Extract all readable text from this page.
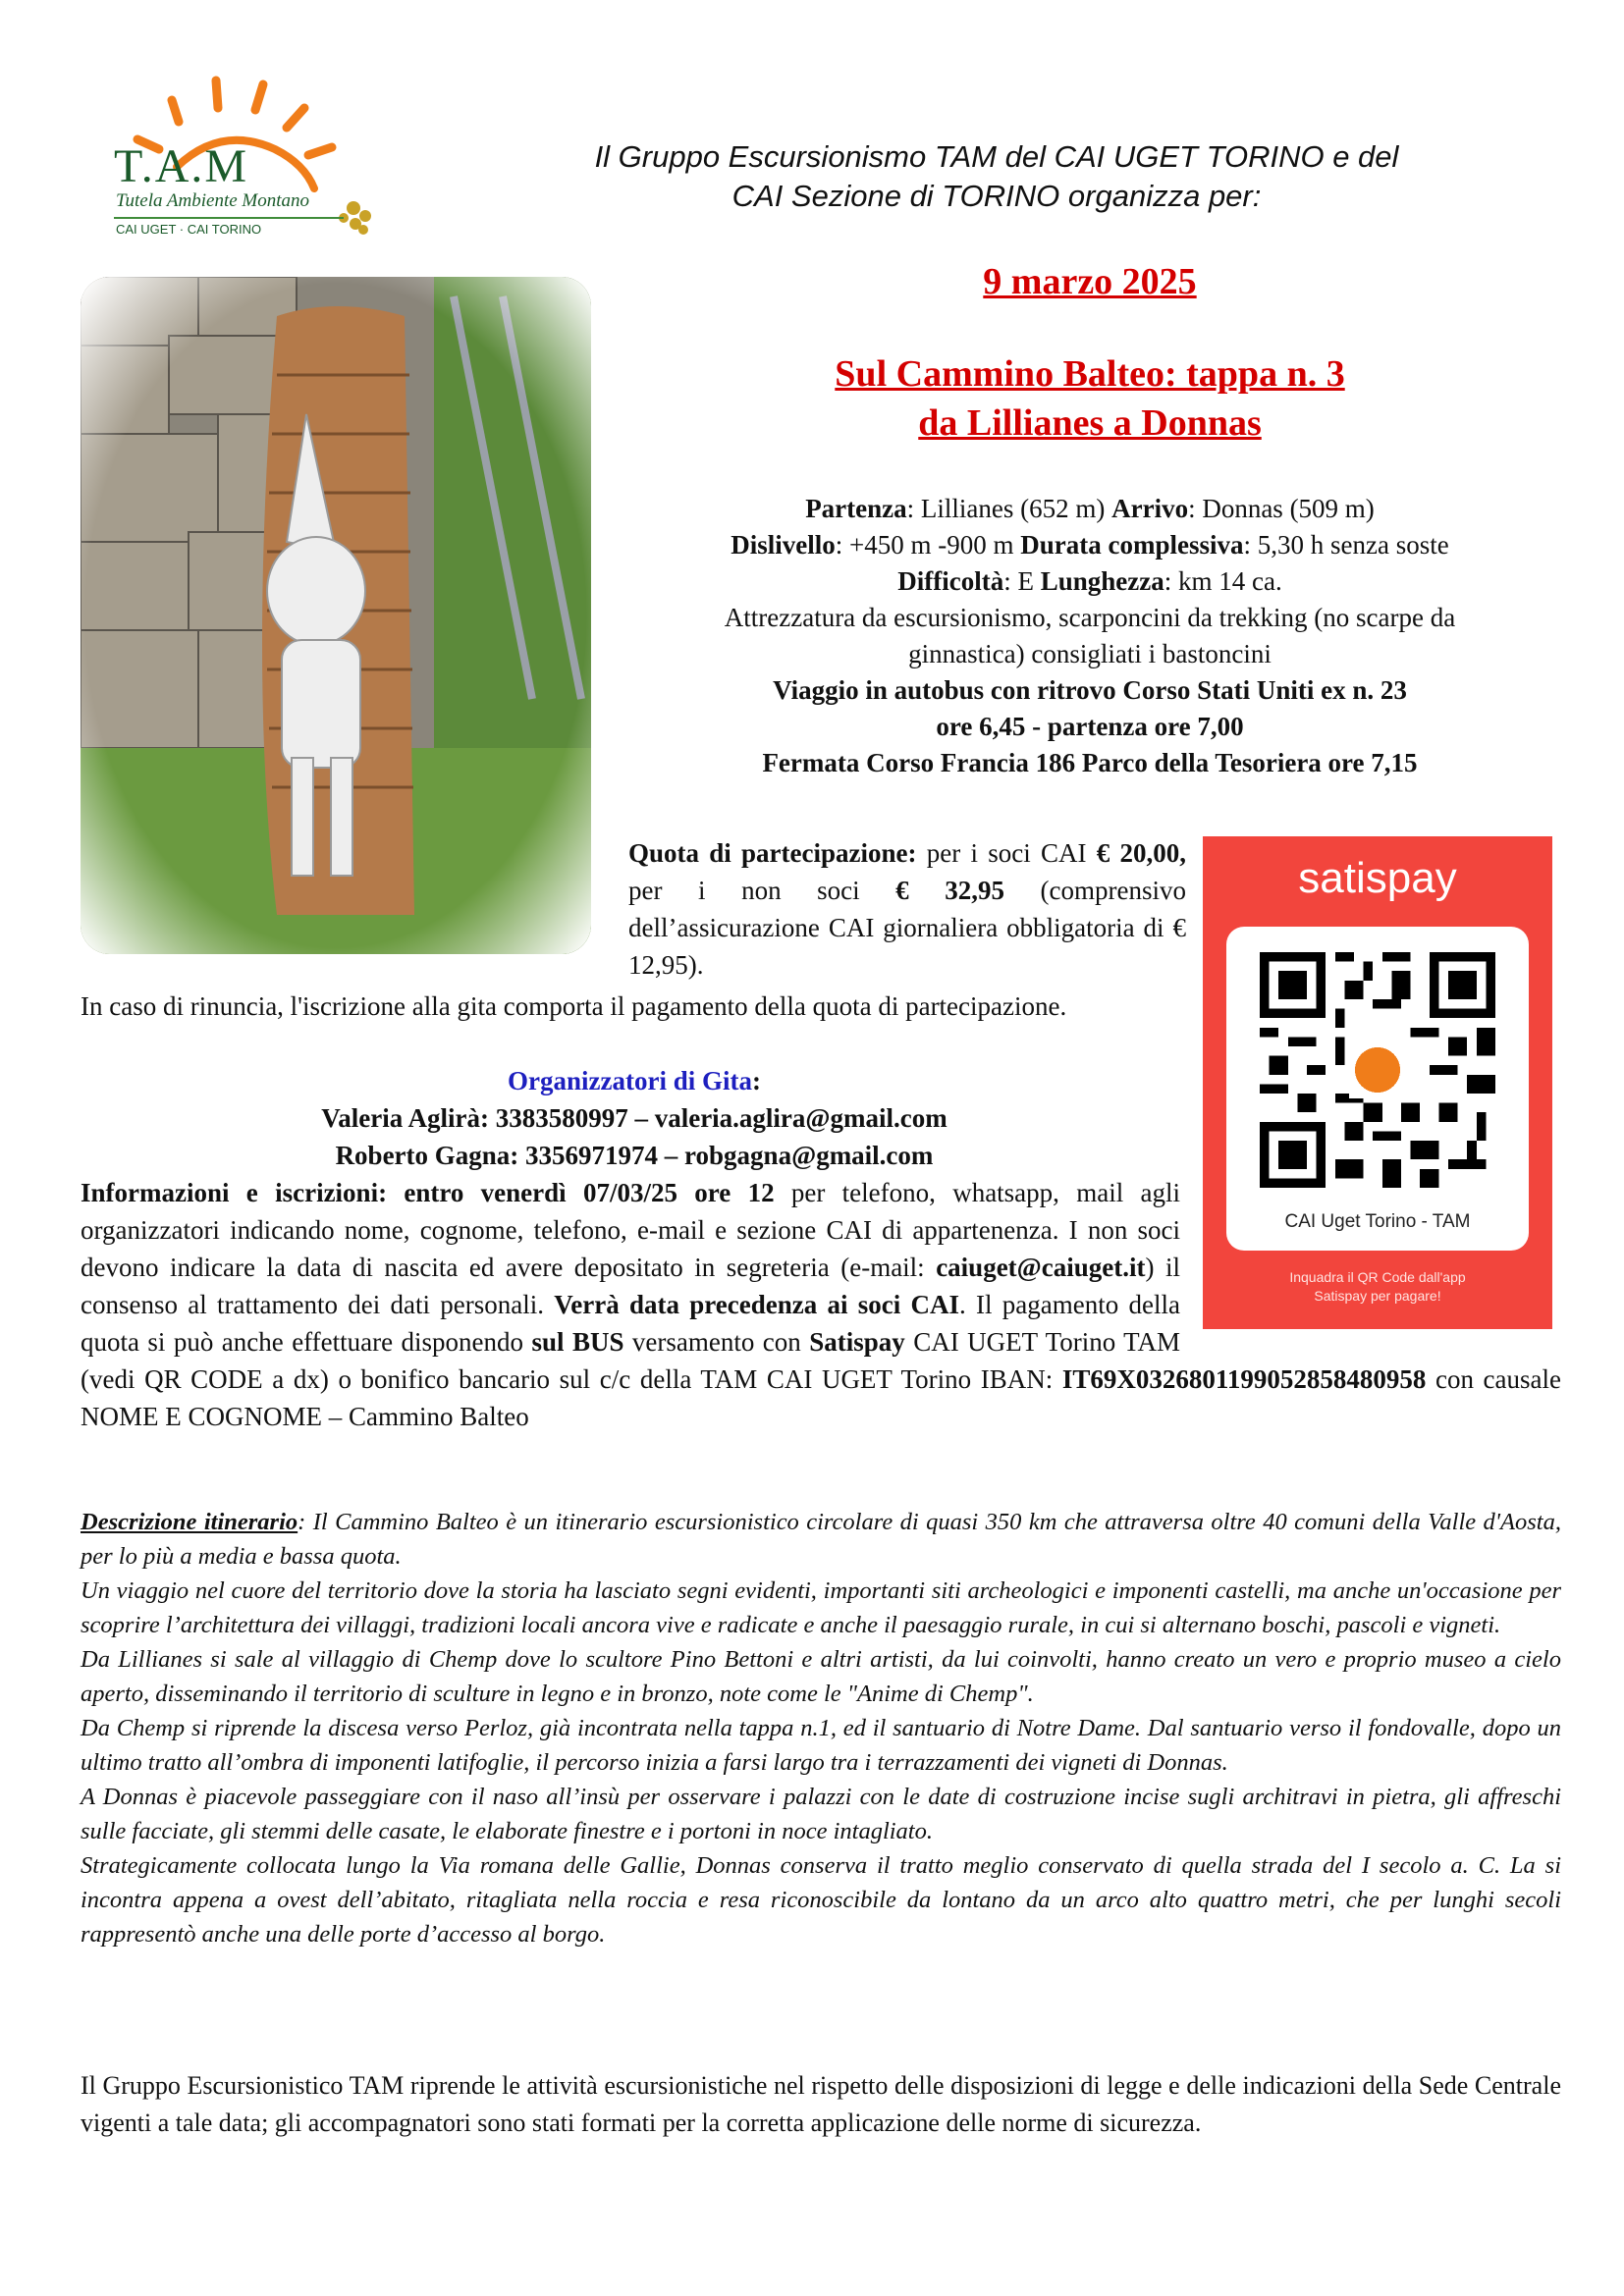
T.A.M
Tutela Ambiente Montano
CAI UGET · CAI TORINO
Il Gruppo Escursionismo TAM del CAI UGET TORINO e del
CAI Sezione di TORINO organizza per:
9 marzo 2025
Sul Cammino Balteo: tappa n. 3
da Lillianes a Donnas
Partenza: Lillianes (652 m) Arrivo: Donnas (509 m)
Dislivello: +450 m -900 m Durata complessiva: 5,30 h senza soste
Difficoltà: E Lunghezza: km 14 ca.
Attrezzatura da escursionismo, scarponcini da trekking (no scarpe da
ginnastica) consigliati i bastoncini
Viaggio in autobus con ritrovo Corso Stati Uniti ex n. 23
ore 6,45 - partenza ore 7,00
Fermata Corso Francia 186 Parco della Tesoriera ore 7,15
Quota di partecipazione: per i soci CAI € 20,00, per i non soci € 32,95 (comprensivo dell’assicurazione CAI giornaliera obbligatoria di € 12,95).
satispay
CAI Uget Torino - TAM
Inquadra il QR Code dall'app
Satispay per pagare!
In caso di rinuncia, l'iscrizione alla gita comporta il pagamento della quota di partecipazione.
Organizzatori di Gita:
Valeria Aglirà: 3383580997 – valeria.aglira@gmail.com
Roberto Gagna: 3356971974 – robgagna@gmail.com
Informazioni e iscrizioni: entro venerdì 07/03/25 ore 12 per telefono, whatsapp, mail agli organizzatori indicando nome, cognome, telefono, e-mail e sezione CAI di appartenenza. I non soci devono indicare la data di nascita ed avere depositato in segreteria (e-mail: caiuget@caiuget.it) il consenso al trattamento dei dati personali. Verrà data precedenza ai soci CAI. Il pagamento della quota si può anche effettuare disponendo sul BUS versamento con Satispay CAI UGET Torino TAM (vedi QR CODE a dx) o bonifico bancario sul c/c della TAM CAI UGET Torino IBAN: IT69X0326801199052858480958 con causale NOME E COGNOME – Cammino Balteo
Descrizione itinerario: Il Cammino Balteo è un itinerario escursionistico circolare di quasi 350 km che attraversa oltre 40 comuni della Valle d'Aosta, per lo più a media e bassa quota.
Un viaggio nel cuore del territorio dove la storia ha lasciato segni evidenti, importanti siti archeologici e imponenti castelli, ma anche un'occasione per scoprire l’architettura dei villaggi, tradizioni locali ancora vive e radicate e anche il paesaggio rurale, in cui si alternano boschi, pascoli e vigneti.
Da Lillianes si sale al villaggio di Chemp dove lo scultore Pino Bettoni e altri artisti, da lui coinvolti, hanno creato un vero e proprio museo a cielo aperto, disseminando il territorio di sculture in legno e in bronzo, note come le "Anime di Chemp".
Da Chemp si riprende la discesa verso Perloz, già incontrata nella tappa n.1, ed il santuario di Notre Dame. Dal santuario verso il fondovalle, dopo un ultimo tratto all’ombra di imponenti latifoglie, il percorso inizia a farsi largo tra i terrazzamenti dei vigneti di Donnas.
A Donnas è piacevole passeggiare con il naso all’insù per osservare i palazzi con le date di costruzione incise sugli architravi in pietra, gli affreschi sulle facciate, gli stemmi delle casate, le elaborate finestre e i portoni in noce intagliato.
Strategicamente collocata lungo la Via romana delle Gallie, Donnas conserva il tratto meglio conservato di quella strada del I secolo a. C. La si incontra appena a ovest dell’abitato, ritagliata nella roccia e resa riconoscibile da lontano da un arco alto quattro metri, che per lunghi secoli rappresentò anche una delle porte d’accesso al borgo.
Il Gruppo Escursionistico TAM riprende le attività escursionistiche nel rispetto delle disposizioni di legge e delle indicazioni della Sede Centrale vigenti a tale data; gli accompagnatori sono stati formati per la corretta applicazione delle norme di sicurezza.
